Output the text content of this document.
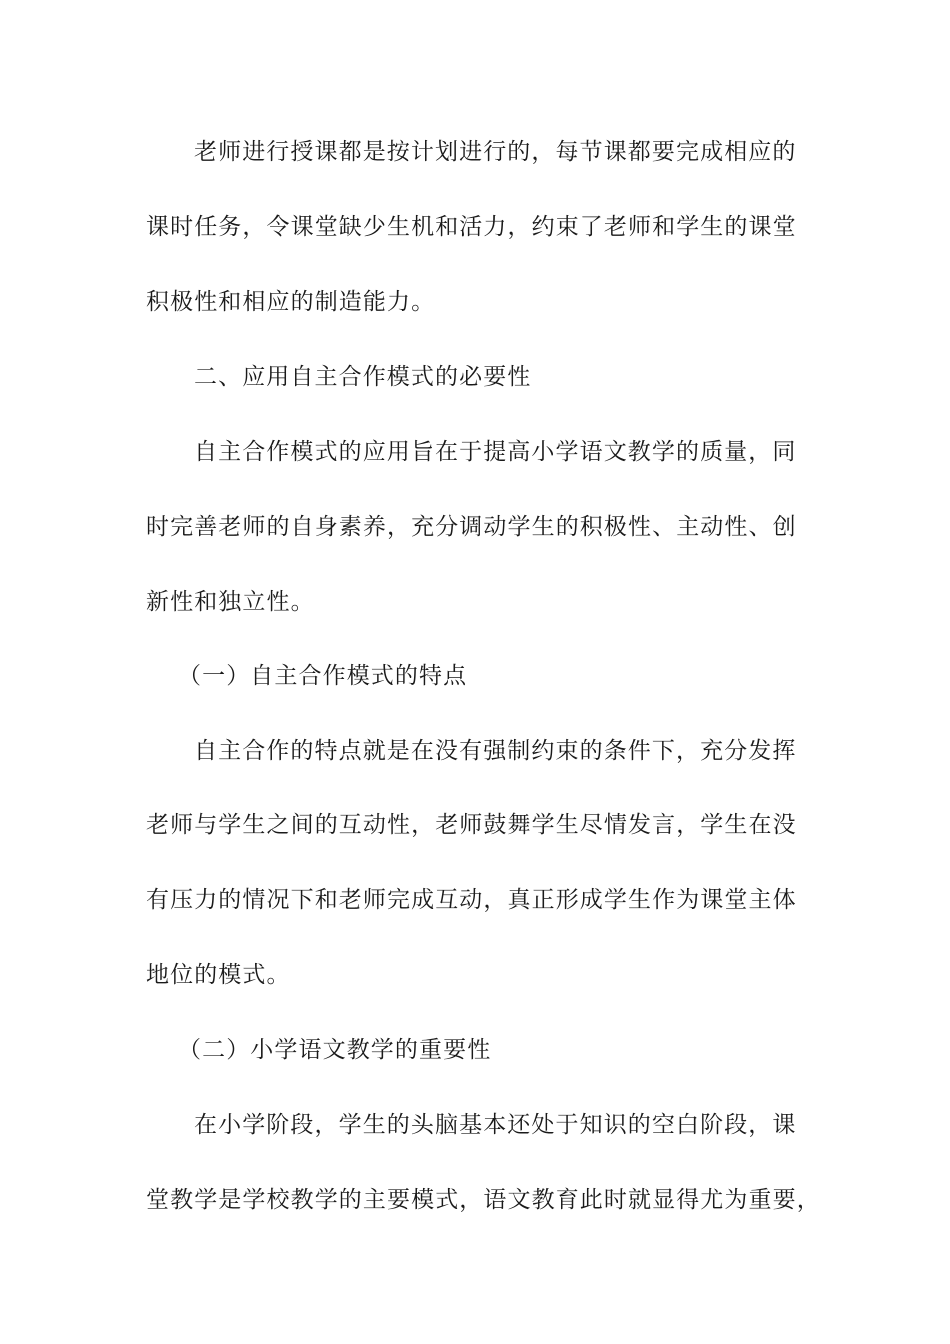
老师进行授课都是按计划进行的，每节课都要完成相应的
课时任务，令课堂缺少生机和活力，约束了老师和学生的课堂
积极性和相应的制造能力。
二、应用自主合作模式的必要性
自主合作模式的应用旨在于提高小学语文教学的质量，同
时完善老师的自身素养，充分调动学生的积极性、主动性、创
新性和独立性。
（一）自主合作模式的特点
自主合作的特点就是在没有强制约束的条件下，充分发挥
老师与学生之间的互动性，老师鼓舞学生尽情发言，学生在没
有压力的情况下和老师完成互动，真正形成学生作为课堂主体
地位的模式。
（二）小学语文教学的重要性
在小学阶段，学生的头脑基本还处于知识的空白阶段，课
堂教学是学校教学的主要模式，语文教育此时就显得尤为重要，
